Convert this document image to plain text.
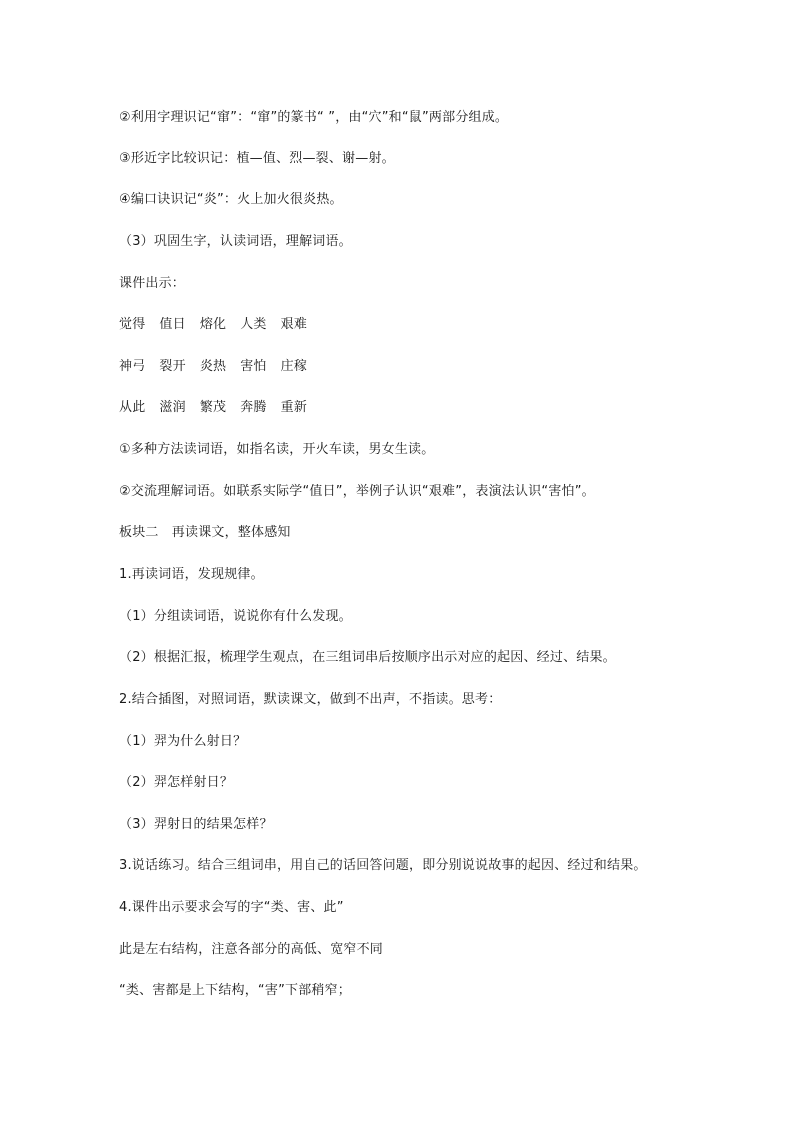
②利用字理识记“窜”：“窜”的篆书“ ”，由“穴”和“鼠”两部分组成。
③形近字比较识记：植—值、烈—裂、谢—射。
④编口诀识记“炎”：火上加火很炎热。
（3）巩固生字，认读词语，理解词语。
课件出示：
觉得 值日 熔化 人类 艰难
神弓 裂开 炎热 害怕 庄稼
从此 滋润 繁茂 奔腾 重新
①多种方法读词语，如指名读，开火车读，男女生读。
②交流理解词语。如联系实际学“值日”，举例子认识“艰难”，表演法认识“害怕”。
板块二　再读课文，整体感知
1.再读词语，发现规律。
（1）分组读词语，说说你有什么发现。
（2）根据汇报，梳理学生观点，在三组词串后按顺序出示对应的起因、经过、结果。
2.结合插图，对照词语，默读课文，做到不出声，不指读。思考：
（1）羿为什么射日？
（2）羿怎样射日？
（3）羿射日的结果怎样？
3.说话练习。结合三组词串，用自己的话回答问题，即分别说说故事的起因、经过和结果。
4.课件出示要求会写的字“类、害、此”
此是左右结构，注意各部分的高低、宽窄不同
“类、害都是上下结构，“害”下部稍窄；
